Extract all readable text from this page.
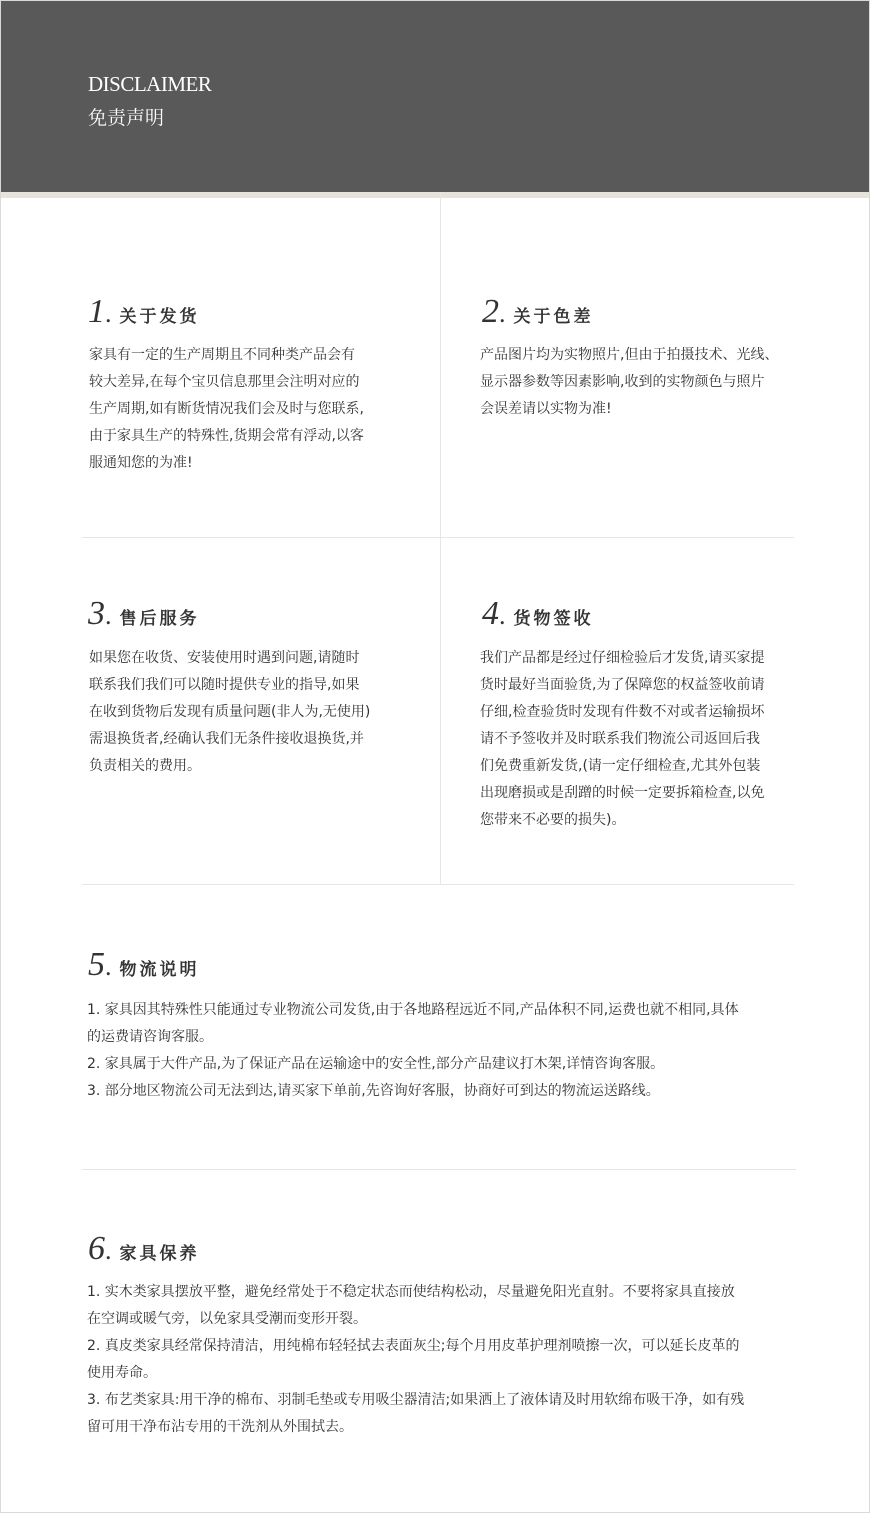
DISCLAIMER
免责声明
1 . 关于发货
家具有一定的生产周期且不同种类产品会有
较大差异,在每个宝贝信息那里会注明对应的
生产周期,如有断货情况我们会及时与您联系,
由于家具生产的特殊性,货期会常有浮动,以客
服通知您的为准!
2 . 关于色差
产品图片均为实物照片,但由于拍摄技术、光线、
显示器参数等因素影响,收到的实物颜色与照片
会误差请以实物为准!
3 . 售后服务
如果您在收货、安装使用时遇到问题,请随时
联系我们我们可以随时提供专业的指导,如果
在收到货物后发现有质量问题(非人为,无使用)
需退换货者,经确认我们无条件接收退换货,并
负责相关的费用。
4 . 货物签收
我们产品都是经过仔细检验后才发货,请买家提
货时最好当面验货,为了保障您的权益签收前请
仔细,检查验货时发现有件数不对或者运输损坏
请不予签收并及时联系我们物流公司返回后我
们免费重新发货,(请一定仔细检查,尤其外包装
出现磨损或是刮蹭的时候一定要拆箱检查,以免
您带来不必要的损失)。
5 . 物流说明
1. 家具因其特殊性只能通过专业物流公司发货,由于各地路程远近不同,产品体积不同,运费也就不相同,具体
的运费请咨询客服。
2. 家具属于大件产品,为了保证产品在运输途中的安全性,部分产品建议打木架,详情咨询客服。
3. 部分地区物流公司无法到达,请买家下单前,先咨询好客服，协商好可到达的物流运送路线。
6 . 家具保养
1. 实木类家具摆放平整，避免经常处于不稳定状态而使结构松动，尽量避免阳光直射。不要将家具直接放
在空调或暖气旁，以免家具受潮而变形开裂。
2. 真皮类家具经常保持清洁，用纯棉布轻轻拭去表面灰尘;每个月用皮革护理剂喷擦一次，可以延长皮革的
使用寿命。
3. 布艺类家具:用干净的棉布、羽制毛垫或专用吸尘器清洁;如果洒上了液体请及时用软绵布吸干净，如有残
留可用干净布沾专用的干洗剂从外围拭去。
